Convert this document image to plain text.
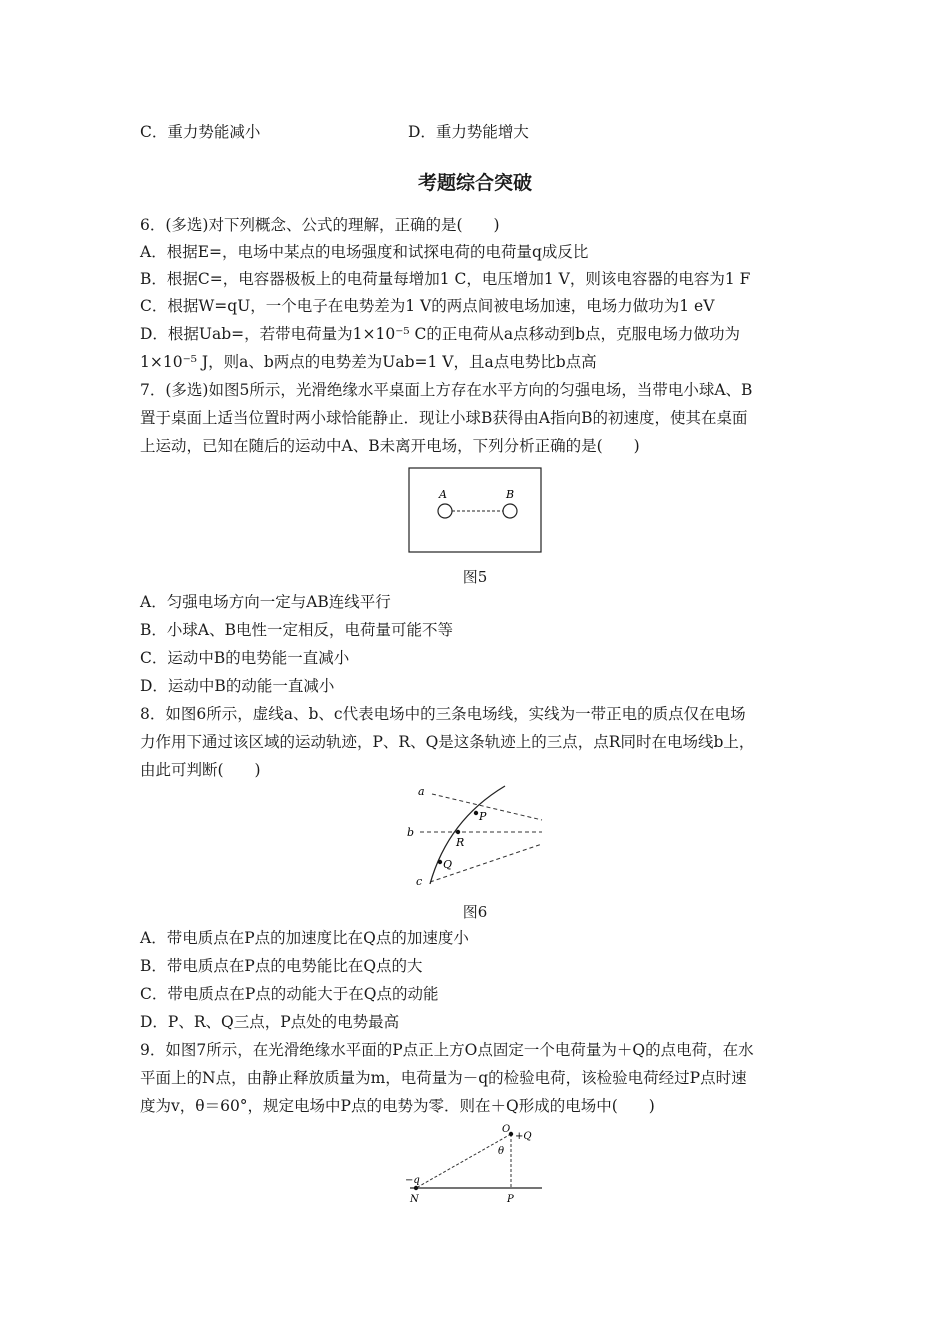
C．重力势能减小	D．重力势能增大
考题综合突破
6．(多选)对下列概念、公式的理解，正确的是(　　)
A．根据E=，电场中某点的电场强度和试探电荷的电荷量q成反比
B．根据C=，电容器极板上的电荷量每增加1 C，电压增加1 V，则该电容器的电容为1 F
C．根据W=qU，一个电子在电势差为1 V的两点间被电场加速，电场力做功为1 eV
D．根据Uab=，若带电荷量为1×10⁻⁵ C的正电荷从a点移动到b点，克服电场力做功为
1×10⁻⁵ J，则a、b两点的电势差为Uab=1 V，且a点电势比b点高
7．(多选)如图5所示，光滑绝缘水平桌面上方存在水平方向的匀强电场，当带电小球A、B
置于桌面上适当位置时两小球恰能静止．现让小球B获得由A指向B的初速度，使其在桌面
上运动，已知在随后的运动中A、B未离开电场，下列分析正确的是(　　)
A	B
图5
A．匀强电场方向一定与AB连线平行
B．小球A、B电性一定相反，电荷量可能不等
C．运动中B的电势能一直减小
D．运动中B的动能一直减小
8．如图6所示，虚线a、b、c代表电场中的三条电场线，实线为一带正电的质点仅在电场
力作用下通过该区域的运动轨迹，P、R、Q是这条轨迹上的三点，点R同时在电场线b上，
由此可判断(　　)
a
b
c
P
R
Q
图6
A．带电质点在P点的加速度比在Q点的加速度小
B．带电质点在P点的电势能比在Q点的大
C．带电质点在P点的动能大于在Q点的动能
D．P、R、Q三点，P点处的电势最高
9．如图7所示，在光滑绝缘水平面的P点正上方O点固定一个电荷量为＋Q的点电荷，在水
平面上的N点，由静止释放质量为m，电荷量为－q的检验电荷，该检验电荷经过P点时速
度为v，θ＝60°，规定电场中P点的电势为零．则在＋Q形成的电场中(　　)
O
+Q
θ
−q
N	P
